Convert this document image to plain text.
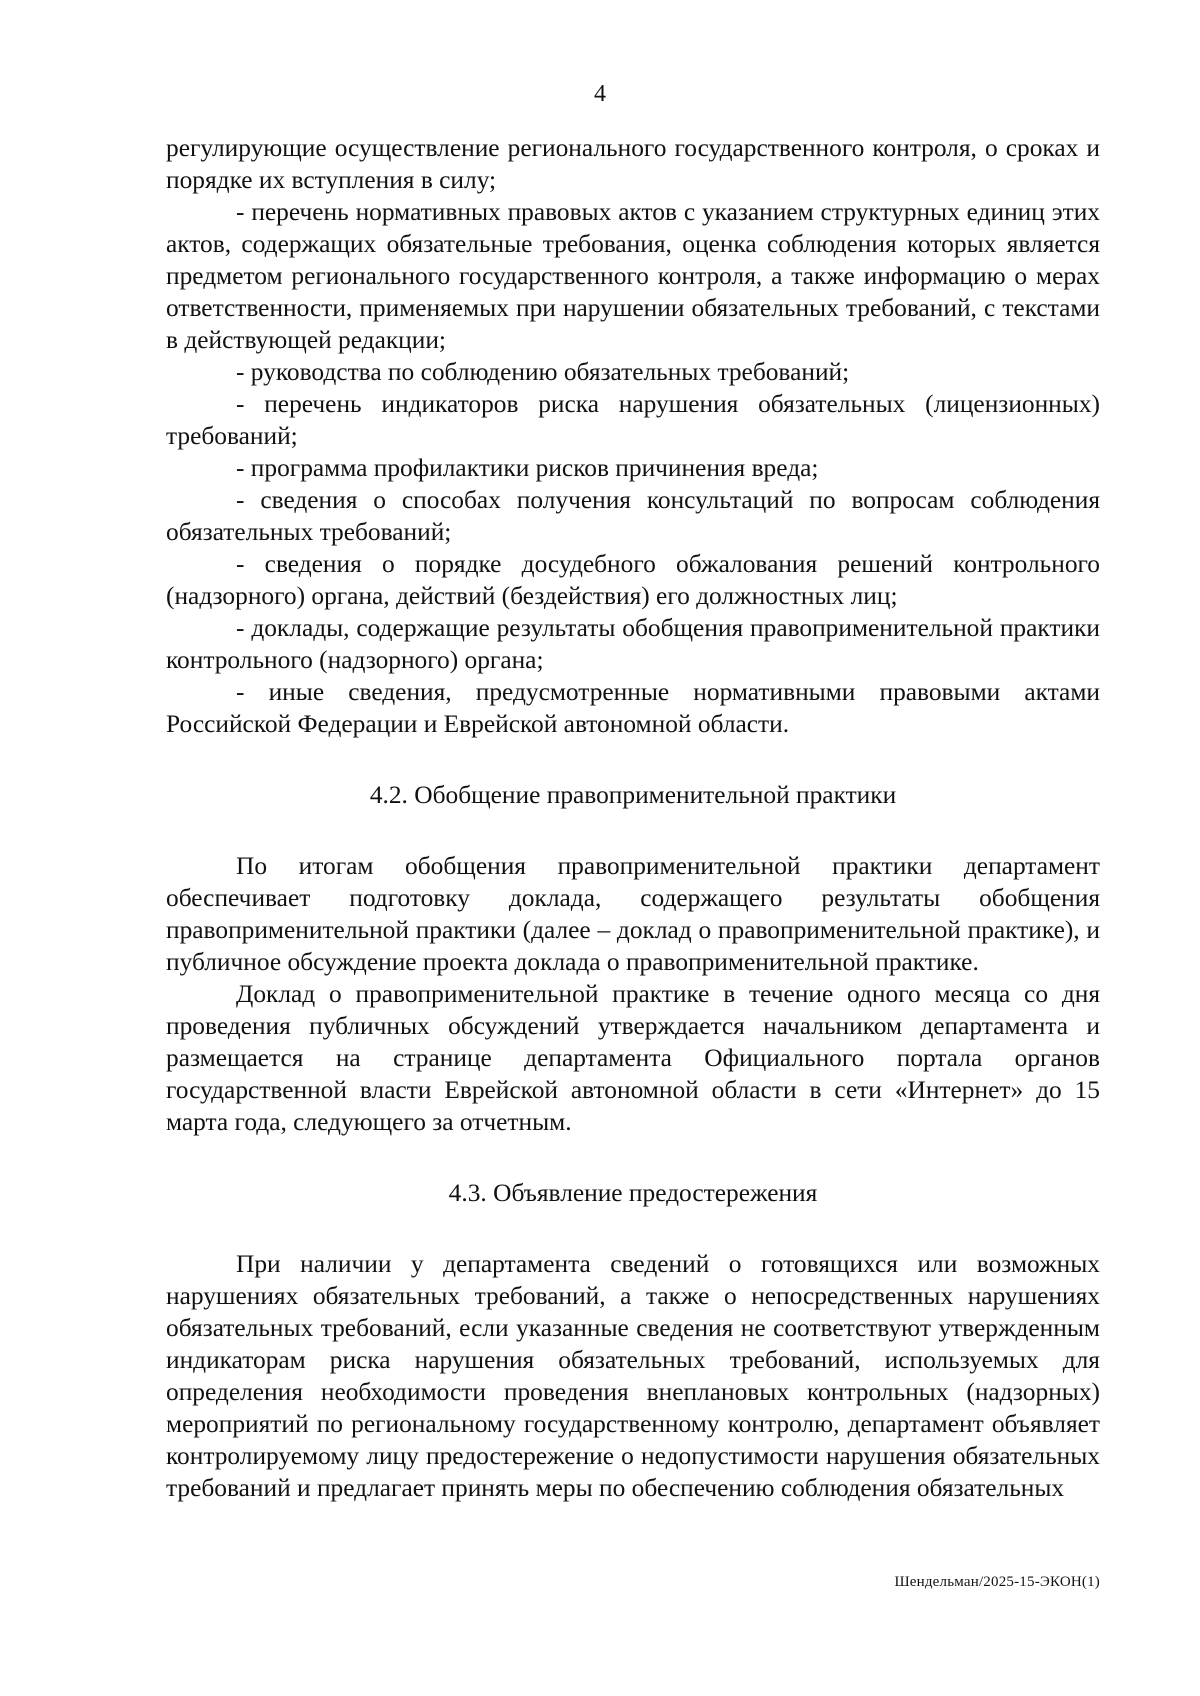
4

регулирующие осуществление регионального государственного контроля, о сроках и порядке их вступления в силу;

- перечень нормативных правовых актов с указанием структурных единиц этих актов, содержащих обязательные требования, оценка соблюдения которых является предметом регионального государственного контроля, а также информацию о мерах ответственности, применяемых при нарушении обязательных требований, с текстами в действующей редакции;

- руководства по соблюдению обязательных требований;

- перечень индикаторов риска нарушения обязательных (лицензионных) требований;

- программа профилактики рисков причинения вреда;

- сведения о способах получения консультаций по вопросам соблюдения обязательных требований;

- сведения о порядке досудебного обжалования решений контрольного (надзорного) органа, действий (бездействия) его должностных лиц;

- доклады, содержащие результаты обобщения правоприменительной практики контрольного (надзорного) органа;

- иные сведения, предусмотренные нормативными правовыми актами Российской Федерации и Еврейской автономной области.

4.2. Обобщение правоприменительной практики

По итогам обобщения правоприменительной практики департамент обеспечивает подготовку доклада, содержащего результаты обобщения правоприменительной практики (далее – доклад о правоприменительной практике), и публичное обсуждение проекта доклада о правоприменительной практике.

Доклад о правоприменительной практике в течение одного месяца со дня проведения публичных обсуждений утверждается начальником департамента и размещается на странице департамента Официального портала органов государственной власти Еврейской автономной области в сети «Интернет» до 15 марта года, следующего за отчетным.

4.3. Объявление предостережения

При наличии у департамента сведений о готовящихся или возможных нарушениях обязательных требований, а также о непосредственных нарушениях обязательных требований, если указанные сведения не соответствуют утвержденным индикаторам риска нарушения обязательных требований, используемых для определения необходимости проведения внеплановых контрольных (надзорных) мероприятий по региональному государственному контролю, департамент объявляет контролируемому лицу предостережение о недопустимости нарушения обязательных требований и предлагает принять меры по обеспечению соблюдения обязательных

Шендельман/2025-15-ЭКОН(1)
